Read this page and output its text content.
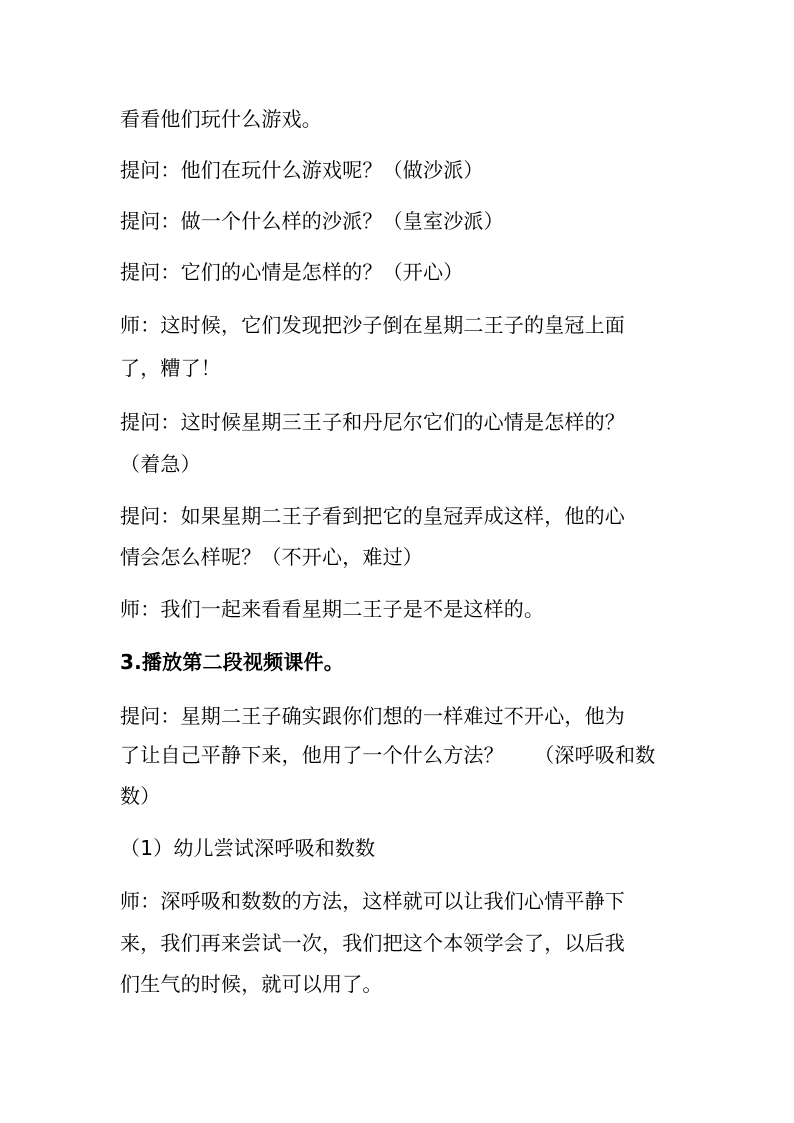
看看他们玩什么游戏。
提问：他们在玩什么游戏呢？（做沙派）
提问：做一个什么样的沙派？（皇室沙派）
提问：它们的心情是怎样的？（开心）
师：这时候，它们发现把沙子倒在星期二王子的皇冠上面
了，糟了！
提问：这时候星期三王子和丹尼尔它们的心情是怎样的？
（着急）
提问：如果星期二王子看到把它的皇冠弄成这样，他的心
情会怎么样呢？（不开心，难过）
师：我们一起来看看星期二王子是不是这样的。
3.播放第二段视频课件。
提问：星期二王子确实跟你们想的一样难过不开心，他为
了让自己平静下来，他用了一个什么方法？　　（深呼吸和数
数）
（1）幼儿尝试深呼吸和数数
师：深呼吸和数数的方法，这样就可以让我们心情平静下
来，我们再来尝试一次，我们把这个本领学会了，以后我
们生气的时候，就可以用了。
